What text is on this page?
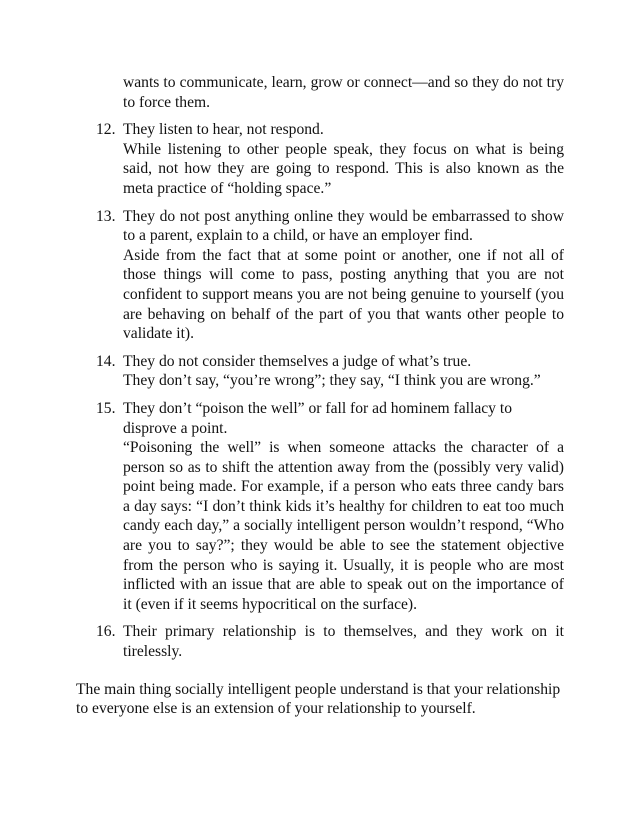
wants to communicate, learn, grow or connect—and so they do not try to force them.

12. They listen to hear, not respond.

While listening to other people speak, they focus on what is being said, not how they are going to respond. This is also known as the meta practice of “holding space.”

13. They do not post anything online they would be embarrassed to show to a parent, explain to a child, or have an employer find.

Aside from the fact that at some point or another, one if not all of those things will come to pass, posting anything that you are not confident to support means you are not being genuine to yourself (you are behaving on behalf of the part of you that wants other people to validate it).

14. They do not consider themselves a judge of what’s true.

They don’t say, “you’re wrong”; they say, “I think you are wrong.”

15. They don’t “poison the well” or fall for ad hominem fallacy to disprove a point.

“Poisoning the well” is when someone attacks the character of a person so as to shift the attention away from the (possibly very valid) point being made. For example, if a person who eats three candy bars a day says: “I don’t think kids it’s healthy for children to eat too much candy each day,” a socially intelligent person wouldn’t respond, “Who are you to say?”; they would be able to see the statement objective from the person who is saying it. Usually, it is people who are most inflicted with an issue that are able to speak out on the importance of it (even if it seems hypocritical on the surface).

16. Their primary relationship is to themselves, and they work on it tirelessly.

The main thing socially intelligent people understand is that your relationship to everyone else is an extension of your relationship to yourself.
